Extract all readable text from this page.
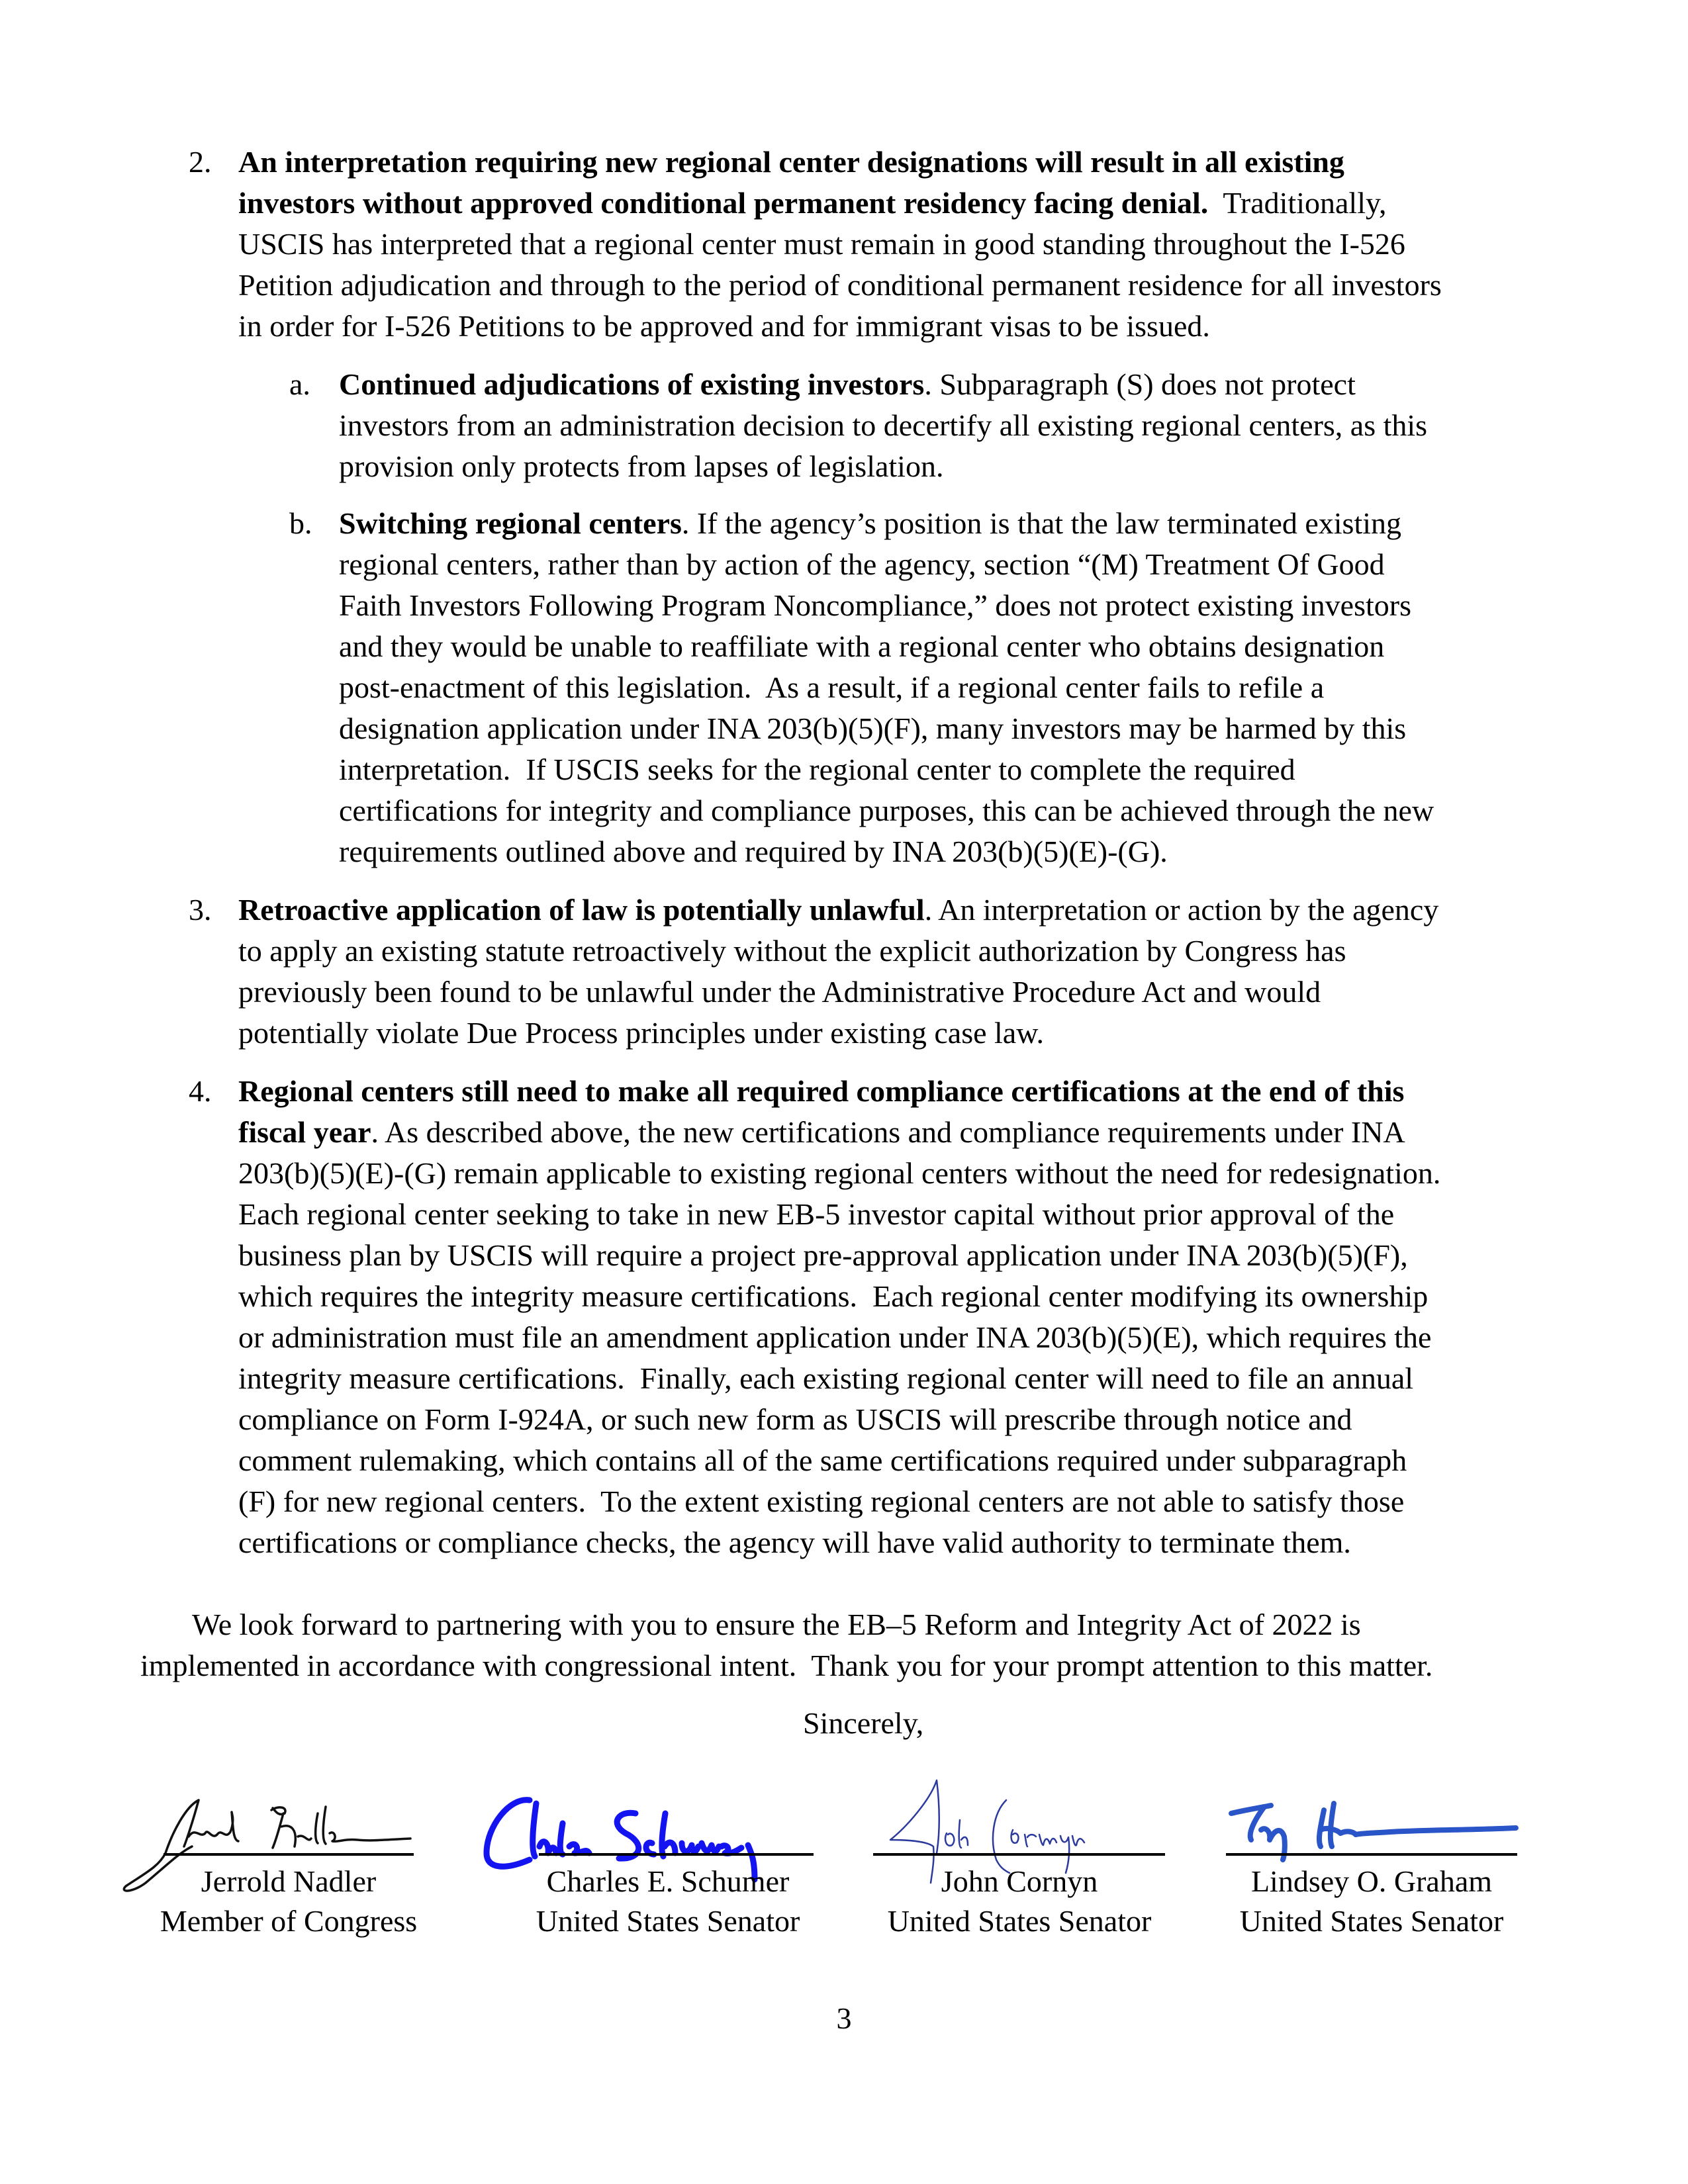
2. An interpretation requiring new regional center designations will result in all existing
investors without approved conditional permanent residency facing denial.  Traditionally,
USCIS has interpreted that a regional center must remain in good standing throughout the I-526
Petition adjudication and through to the period of conditional permanent residence for all investors
in order for I-526 Petitions to be approved and for immigrant visas to be issued.
a. Continued adjudications of existing investors. Subparagraph (S) does not protect
investors from an administration decision to decertify all existing regional centers, as this
provision only protects from lapses of legislation.
b. Switching regional centers. If the agency’s position is that the law terminated existing
regional centers, rather than by action of the agency, section “(M) Treatment Of Good
Faith Investors Following Program Noncompliance,” does not protect existing investors
and they would be unable to reaffiliate with a regional center who obtains designation
post-enactment of this legislation.  As a result, if a regional center fails to refile a
designation application under INA 203(b)(5)(F), many investors may be harmed by this
interpretation.  If USCIS seeks for the regional center to complete the required
certifications for integrity and compliance purposes, this can be achieved through the new
requirements outlined above and required by INA 203(b)(5)(E)-(G).
3. Retroactive application of law is potentially unlawful. An interpretation or action by the agency
to apply an existing statute retroactively without the explicit authorization by Congress has
previously been found to be unlawful under the Administrative Procedure Act and would
potentially violate Due Process principles under existing case law.
4. Regional centers still need to make all required compliance certifications at the end of this
fiscal year. As described above, the new certifications and compliance requirements under INA
203(b)(5)(E)-(G) remain applicable to existing regional centers without the need for redesignation.
Each regional center seeking to take in new EB-5 investor capital without prior approval of the
business plan by USCIS will require a project pre-approval application under INA 203(b)(5)(F),
which requires the integrity measure certifications.  Each regional center modifying its ownership
or administration must file an amendment application under INA 203(b)(5)(E), which requires the
integrity measure certifications.  Finally, each existing regional center will need to file an annual
compliance on Form I-924A, or such new form as USCIS will prescribe through notice and
comment rulemaking, which contains all of the same certifications required under subparagraph
(F) for new regional centers.  To the extent existing regional centers are not able to satisfy those
certifications or compliance checks, the agency will have valid authority to terminate them.
We look forward to partnering with you to ensure the EB–5 Reform and Integrity Act of 2022 is
implemented in accordance with congressional intent.  Thank you for your prompt attention to this matter.
Sincerely,
Jerrold Nadler
Member of Congress
Charles E. Schumer
United States Senator
John Cornyn
United States Senator
Lindsey O. Graham
United States Senator
3
